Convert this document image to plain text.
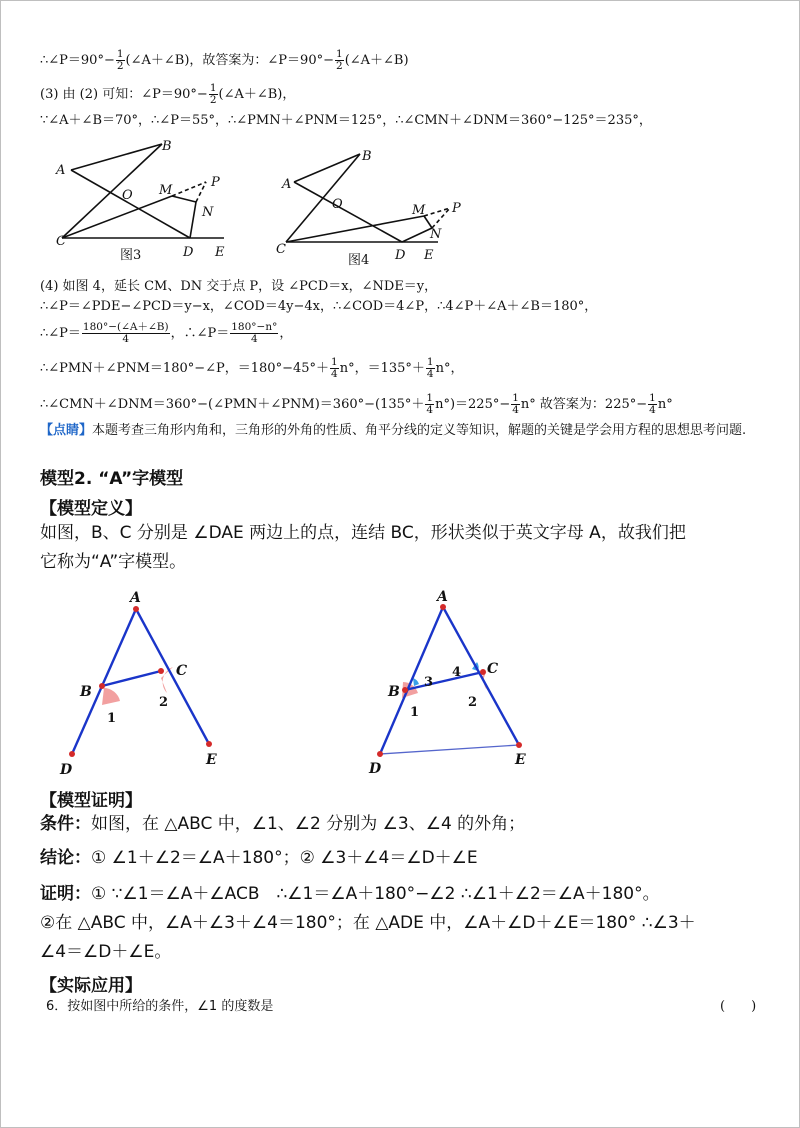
∴∠P＝90°− $\frac{1}{2}$ (∠A＋∠B)，故答案为：∠P＝90°− $\frac{1}{2}$ (∠A＋∠B)
(3) 由 (2) 可知：∠P＝90°− $\frac{1}{2}$ (∠A＋∠B)，
∵∠A＋∠B＝70°，∴∠P＝55°，∴∠PMN＋∠PNM＝125°，∴∠CMN＋∠DNM＝360°−125°＝235°，
A
B
O M
P
N
C
D E
A
B
O	M P
N
C	D E
图3	图4
(4) 如图 4，延长 CM、DN 交于点 P，设 ∠PCD＝x，∠NDE＝y，
∴∠P＝∠PDE−∠PCD＝y−x，∠COD＝4y−4x，∴∠COD＝4∠P，∴4∠P＋∠A＋∠B＝180°，
∴∠P＝ $\frac{180^\circ-(\angle A+\angle B)}{4}$ ，∴∠P＝ $\frac{180^\circ-n^\circ}{4}$ ，
∴∠PMN＋∠PNM＝180°−∠P，$=180^\circ-45^\circ+ \frac{1}{4} n^\circ$，$=135^\circ+ \frac{1}{4} n^\circ$，
∴∠CMN＋∠DNM＝360°−(∠PMN＋∠PNM)＝360°−(135°＋ $\frac{1}{4} n^\circ)=225^\circ- \frac{1}{4} n^\circ$ 故答案为：$225^\circ- \frac{1}{4} n^\circ$
【点睛】本题考查三角形内角和，三角形的外角的性质、角平分线的定义等知识，解题的关键是学会用方程的思想思考问题.
模型2. “A”字模型
【模型定义】
如图，B、C 分别是 ∠DAE 两边上的点，连结 BC，形状类似于英文字母 A，故我们把
它称为“A”字模型。
A
B
C
D
E
1
2
A
B
C
D
E
1
2
3
4
【模型证明】
条件：如图，在 △ABC 中，∠1、∠2 分别为 ∠3、∠4 的外角；
结论：① ∠1＋∠2＝∠A＋180°；② ∠3＋∠4＝∠D＋∠E
证明：① ∵∠1＝∠A＋∠ACB　∴∠1＝∠A＋180°−∠2 ∴∠1＋∠2＝∠A＋180°。
②在 △ABC 中，∠A＋∠3＋∠4＝180°；在 △ADE 中，∠A＋∠D＋∠E＝180° ∴∠3＋
∠4＝∠D＋∠E。
【实际应用】
6．按如图中所给的条件，∠1 的度数是	(　　)
